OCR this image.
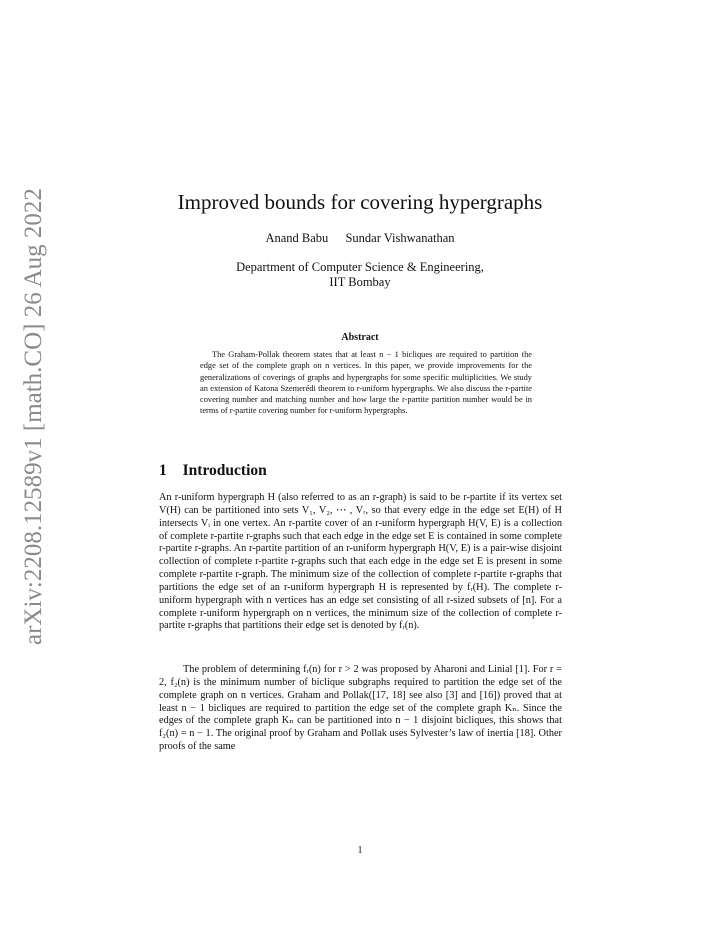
arXiv:2208.12589v1 [math.CO] 26 Aug 2022	Improved bounds for covering hypergraphs
Anand Babu Sundar Vishwanathan
Department of Computer Science & Engineering,
IIT Bombay
Abstract

The Graham-Pollak theorem states that at least n − 1 bicliques are required to partition the edge set of the complete graph on n vertices. In this paper, we provide improvements for the generalizations of coverings of graphs and hypergraphs for some specific multiplicities. We study an extension of Katona Szemerédi theorem to r-uniform hypergraphs. We also discuss the r-partite covering number and matching number and how large the r-partite partition number would be in terms of r-partite covering number for r-uniform hypergraphs.

1 Introduction

An r-uniform hypergraph H (also referred to as an r-graph) is said to be r-partite if its vertex set V(H) can be partitioned into sets V₁, V₂, ⋯ , Vᵣ, so that every edge in the edge set E(H) of H intersects Vᵢ in one vertex. An r-partite cover of an r-uniform hypergraph H(V, E) is a collection of complete r-partite r-graphs such that each edge in the edge set E is contained in some complete r-partite r-graphs. An r-partite partition of an r-uniform hypergraph H(V, E) is a pair-wise disjoint collection of complete r-partite r-graphs such that each edge in the edge set E is present in some complete r-partite r-graph. The minimum size of the collection of complete r-partite r-graphs that partitions the edge set of an r-uniform hypergraph H is represented by fᵣ(H). The complete r-uniform hypergraph with n vertices has an edge set consisting of all r-sized subsets of [n]. For a complete r-uniform hypergraph on n vertices, the minimum size of the collection of complete r-partite r-graphs that partitions their edge set is denoted by fᵣ(n).

The problem of determining fᵣ(n) for r > 2 was proposed by Aharoni and Linial [1]. For r = 2, f₂(n) is the minimum number of biclique subgraphs required to partition the edge set of the complete graph on n vertices. Graham and Pollak([17, 18] see also [3] and [16]) proved that at least n − 1 bicliques are required to partition the edge set of the complete graph Kₙ. Since the edges of the complete graph Kₙ can be partitioned into n − 1 disjoint bicliques, this shows that f₂(n) = n − 1. The original proof by Graham and Pollak uses Sylvester’s law of inertia [18]. Other proofs of the same

1
